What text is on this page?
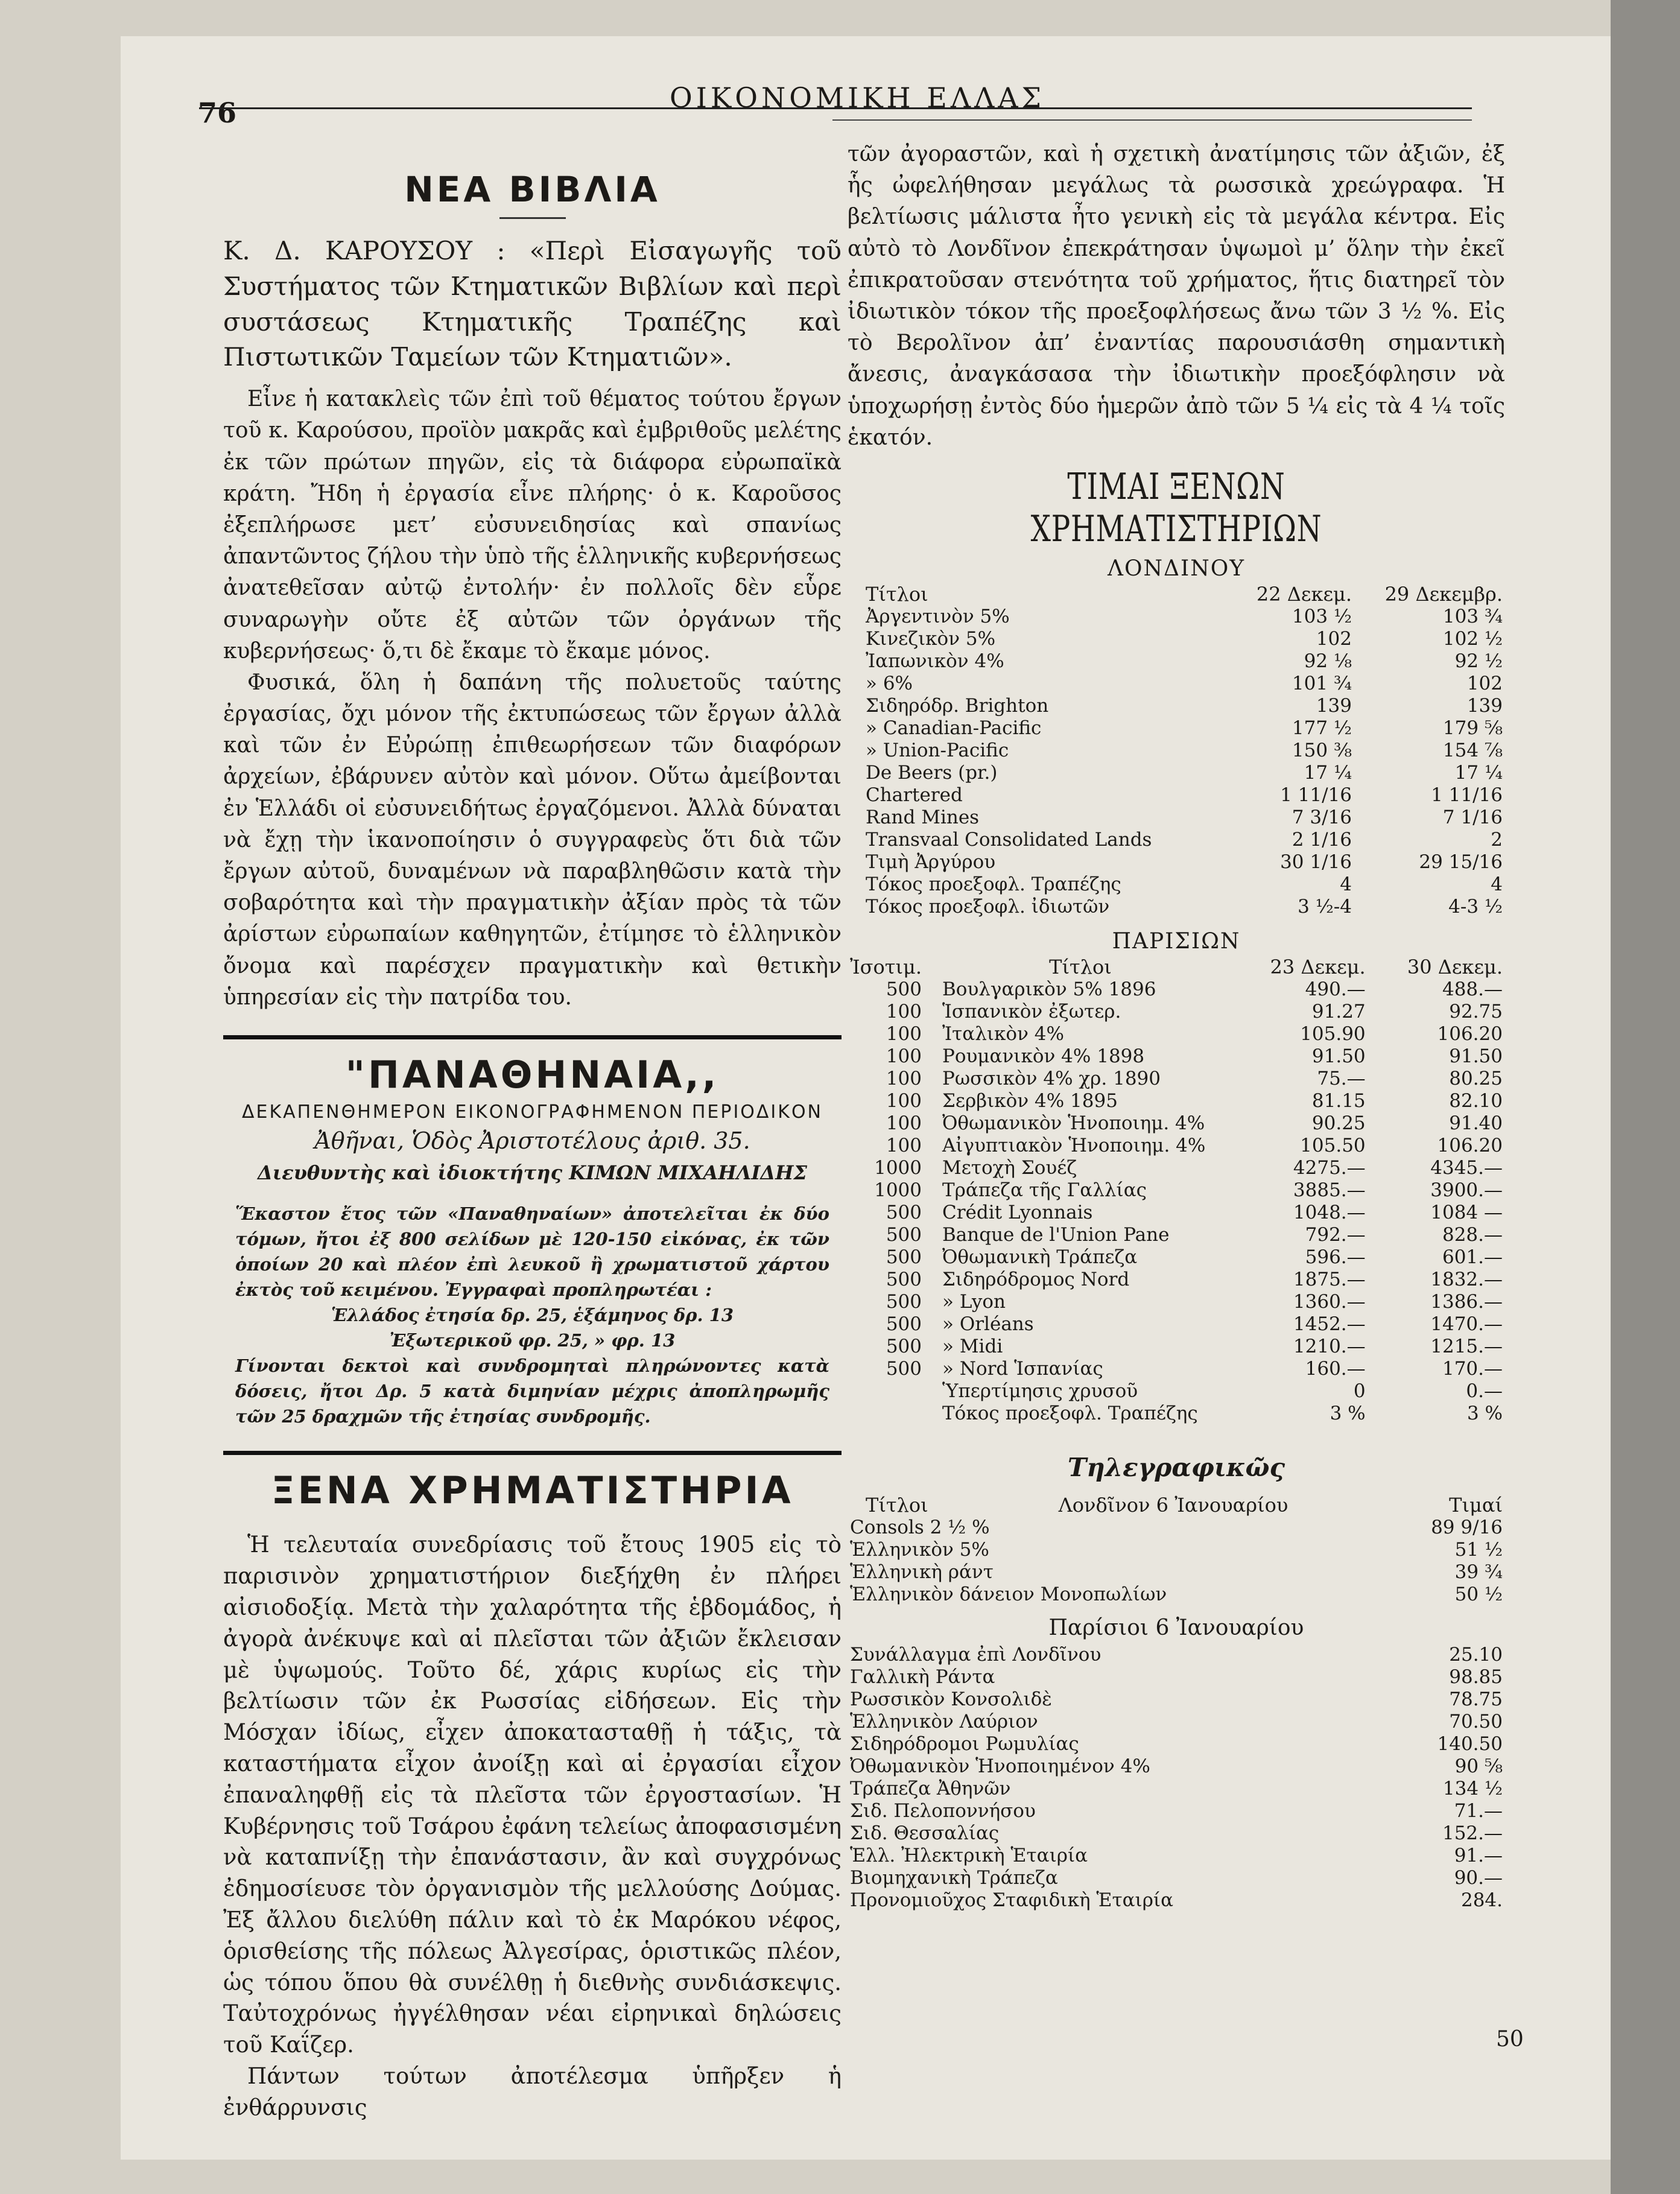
76	ΟΙΚΟΝΟΜΙΚΗ ΕΛΛΑΣ
ΝΕΑ ΒΙΒΛΙΑ

Κ. Δ. ΚΑΡΟΥΣΟΥ : «Περὶ Εἰσαγωγῆς τοῦ Συστήματος τῶν Κτηματικῶν Βιβλίων καὶ περὶ συστάσεως Κτηματικῆς Τραπέζης καὶ Πιστωτικῶν Ταμείων τῶν Κτηματιῶν».

Εἶνε ἡ κατακλεὶς τῶν ἐπὶ τοῦ θέματος τούτου ἔργων τοῦ κ. Καρούσου, προϊὸν μακρᾶς καὶ ἐμβριθοῦς μελέτης ἐκ τῶν πρώτων πηγῶν, εἰς τὰ διάφορα εὐρωπαϊκὰ κράτη. Ἤδη ἡ ἐργασία εἶνε πλήρης· ὁ κ. Καροῦσος ἐξεπλήρωσε μετ’ εὐσυνειδησίας καὶ σπανίως ἀπαντῶντος ζήλου τὴν ὑπὸ τῆς ἑλληνικῆς κυβερνήσεως ἀνατεθεῖσαν αὐτῷ ἐντολήν· ἐν πολλοῖς δὲν εὗρε συναρωγὴν οὔτε ἐξ αὐτῶν τῶν ὀργάνων τῆς κυβερνήσεως· ὅ,τι δὲ ἔκαμε τὸ ἔκαμε μόνος.

Φυσικά, ὅλη ἡ δαπάνη τῆς πολυετοῦς ταύτης ἐργασίας, ὄχι μόνον τῆς ἐκτυπώσεως τῶν ἔργων ἀλλὰ καὶ τῶν ἐν Εὐρώπῃ ἐπιθεωρήσεων τῶν διαφόρων ἀρχείων, ἐβάρυνεν αὐτὸν καὶ μόνον. Οὕτω ἀμείβονται ἐν Ἑλλάδι οἱ εὐσυνειδήτως ἐργαζόμενοι. Ἀλλὰ δύναται νὰ ἔχῃ τὴν ἱκανοποίησιν ὁ συγγραφεὺς ὅτι διὰ τῶν ἔργων αὐτοῦ, δυναμένων νὰ παραβληθῶσιν κατὰ τὴν σοβαρότητα καὶ τὴν πραγματικὴν ἀξίαν πρὸς τὰ τῶν ἀρίστων εὐρωπαίων καθηγητῶν, ἐτίμησε τὸ ἑλληνικὸν ὄνομα καὶ παρέσχεν πραγματικὴν καὶ θετικὴν ὑπηρεσίαν εἰς τὴν πατρίδα του.

"ΠΑΝΑΘΗΝΑΙΑ,,
ΔΕΚΑΠΕΝΘΗΜΕΡΟΝ ΕΙΚΟΝΟΓΡΑΦΗΜΕΝΟΝ ΠΕΡΙΟΔΙΚΟΝ
Ἀθῆναι, Ὁδὸς Ἀριστοτέλους ἀριθ. 35.
Διευθυντὴς καὶ ἰδιοκτήτης ΚΙΜΩΝ ΜΙΧΑΗΛΙΔΗΣ

Ἕκαστον ἔτος τῶν «Παναθηναίων» ἀποτελεῖται ἐκ δύο τόμων, ἤτοι ἐξ 800 σελίδων μὲ 120-150 εἰκόνας, ἐκ τῶν ὁποίων 20 καὶ πλέον ἐπὶ λευκοῦ ἢ χρωματιστοῦ χάρτου ἐκτὸς τοῦ κειμένου. Ἐγγραφαὶ προπληρωτέαι :

Ἑλλάδος ἐτησία δρ. 25, ἑξάμηνος δρ. 13

Ἐξωτερικοῦ φρ. 25, » φρ. 13

Γίνονται δεκτοὶ καὶ συνδρομηταὶ πληρώνοντες κατὰ δόσεις, ἤτοι Δρ. 5 κατὰ διμηνίαν μέχρις ἀποπληρωμῆς τῶν 25 δραχμῶν τῆς ἐτησίας συνδρομῆς.

ΞΕΝΑ ΧΡΗΜΑΤΙΣΤΗΡΙΑ

Ἡ τελευταία συνεδρίασις τοῦ ἔτους 1905 εἰς τὸ παρισινὸν χρηματιστήριον διεξήχθη ἐν πλήρει αἰσιοδοξίᾳ. Μετὰ τὴν χαλαρότητα τῆς ἑβδομάδος, ἡ ἀγορὰ ἀνέκυψε καὶ αἱ πλεῖσται τῶν ἀξιῶν ἔκλεισαν μὲ ὑψωμούς. Τοῦτο δέ, χάρις κυρίως εἰς τὴν βελτίωσιν τῶν ἐκ Ρωσσίας εἰδήσεων. Εἰς τὴν Μόσχαν ἰδίως, εἶχεν ἀποκατασταθῇ ἡ τάξις, τὰ καταστήματα εἶχον ἀνοίξῃ καὶ αἱ ἐργασίαι εἶχον ἐπαναληφθῇ εἰς τὰ πλεῖστα τῶν ἐργοστασίων. Ἡ Κυβέρνησις τοῦ Τσάρου ἐφάνη τελείως ἀποφασισμένη νὰ καταπνίξῃ τὴν ἐπανάστασιν, ἂν καὶ συγχρόνως ἐδημοσίευσε τὸν ὀργανισμὸν τῆς μελλούσης Δούμας. Ἐξ ἄλλου διελύθη πάλιν καὶ τὸ ἐκ Μαρόκου νέφος, ὁρισθείσης τῆς πόλεως Ἀλγεσίρας, ὁριστικῶς πλέον, ὡς τόπου ὅπου θὰ συνέλθῃ ἡ διεθνὴς συνδιάσκεψις. Ταὐτοχρόνως ἠγγέλθησαν νέαι εἰρηνικαὶ δηλώσεις τοῦ Καΐζερ.

Πάντων τούτων ἀποτέλεσμα ὑπῆρξεν ἡ ἐνθάρρυνσις

τῶν ἀγοραστῶν, καὶ ἡ σχετικὴ ἀνατίμησις τῶν ἀξιῶν, ἐξ ἧς ὠφελήθησαν μεγάλως τὰ ρωσσικὰ χρεώγραφα. Ἡ βελτίωσις μάλιστα ἦτο γενικὴ εἰς τὰ μεγάλα κέντρα. Εἰς αὐτὸ τὸ Λονδῖνον ἐπεκράτησαν ὑψωμοὶ μ’ ὅλην τὴν ἐκεῖ ἐπικρατοῦσαν στενότητα τοῦ χρήματος, ἥτις διατηρεῖ τὸν ἰδιωτικὸν τόκον τῆς προεξοφλήσεως ἄνω τῶν 3 ½ %. Εἰς τὸ Βερολῖνον ἀπ’ ἐναντίας παρουσιάσθη σημαντικὴ ἄνεσις, ἀναγκάσασα τὴν ἰδιωτικὴν προεξόφλησιν νὰ ὑποχωρήσῃ ἐντὸς δύο ἡμερῶν ἀπὸ τῶν 5 ¼ εἰς τὰ 4 ¼ τοῖς ἑκατόν.

ΤΙΜΑΙ ΞΕΝΩΝ ΧΡΗΜΑΤΙΣΤΗΡΙΩΝ
ΛΟΝΔΙΝΟΥ
Τίτλοι	22 Δεκεμ.	29 Δεκεμβρ.
Ἀργεντινὸν 5%	103 ½	103 ¾
Κινεζικὸν 5%	102	102 ½
Ἰαπωνικὸν 4%	92 ⅛	92 ½
» 6%	101 ¾	102
Σιδηρόδρ. Brighton	139	139
» Canadian-Pacific	177 ½	179 ⅝
» Union-Pacific	150 ⅜	154 ⅞
De Beers (pr.)	17 ¼	17 ¼
Chartered	1 11/16	1 11/16
Rand Mines	7 3/16	7 1/16
Transvaal Consolidated Lands	2 1/16	2
Τιμὴ Ἀργύρου	30 1/16	29 15/16
Τόκος προεξοφλ. Τραπέζης	4	4
Τόκος προεξοφλ. ἰδιωτῶν	3 ½-4	4-3 ½
ΠΑΡΙΣΙΩΝ
Ἰσοτιμ.	Τίτλοι	23 Δεκεμ.	30 Δεκεμ.
500	Βουλγαρικὸν 5% 1896	490.—	488.—
100	Ἱσπανικὸν ἐξωτερ.	91.27	92.75
100	Ἰταλικὸν 4%	105.90	106.20
100	Ρουμανικὸν 4% 1898	91.50	91.50
100	Ρωσσικὸν 4% χρ. 1890	75.—	80.25
100	Σερβικὸν 4% 1895	81.15	82.10
100	Ὀθωμανικὸν Ἡνοποιημ. 4%	90.25	91.40
100	Αἰγυπτιακὸν Ἡνοποιημ. 4%	105.50	106.20
1000	Μετοχὴ Σουέζ	4275.—	4345.—
1000	Τράπεζα τῆς Γαλλίας	3885.—	3900.—
500	Crédit Lyonnais	1048.—	1084 —
500	Banque de l'Union Pane	792.—	828.—
500	Ὀθωμανικὴ Τράπεζα	596.—	601.—
500	Σιδηρόδρομος Nord	1875.—	1832.—
500	» Lyon	1360.—	1386.—
500	» Orléans	1452.—	1470.—
500	» Midi	1210.—	1215.—
500	» Nord Ἱσπανίας	160.—	170.—
	Ὑπερτίμησις χρυσοῦ	0	0.—
	Τόκος προεξοφλ. Τραπέζης	3 %	3 %
Τηλεγραφικῶς
Τίτλοι	Λονδῖνον 6 Ἰανουαρίου	Τιμαί
Consols 2 ½ %		89 9/16
Ἑλληνικὸν 5%		51 ½
Ἑλληνικὴ ράντ		39 ¾
Ἑλληνικὸν δάνειον Μονοπωλίων		50 ½
Παρίσιοι 6 Ἰανουαρίου
Συνάλλαγμα ἐπὶ Λονδῖνου	25.10
Γαλλικὴ Ράντα	98.85
Ρωσσικὸν Κονσολιδὲ	78.75
Ἑλληνικὸν Λαύριον	70.50
Σιδηρόδρομοι Ρωμυλίας	140.50
Ὀθωμανικὸν Ἡνοποιημένον 4%	90 ⅝
Τράπεζα Ἀθηνῶν	134 ½
Σιδ. Πελοποννήσου	71.—
Σιδ. Θεσσαλίας	152.—
Ἑλλ. Ἠλεκτρικὴ Ἑταιρία	91.—
Βιομηχανικὴ Τράπεζα	90.—
Προνομιοῦχος Σταφιδικὴ Ἑταιρία	284.
50
